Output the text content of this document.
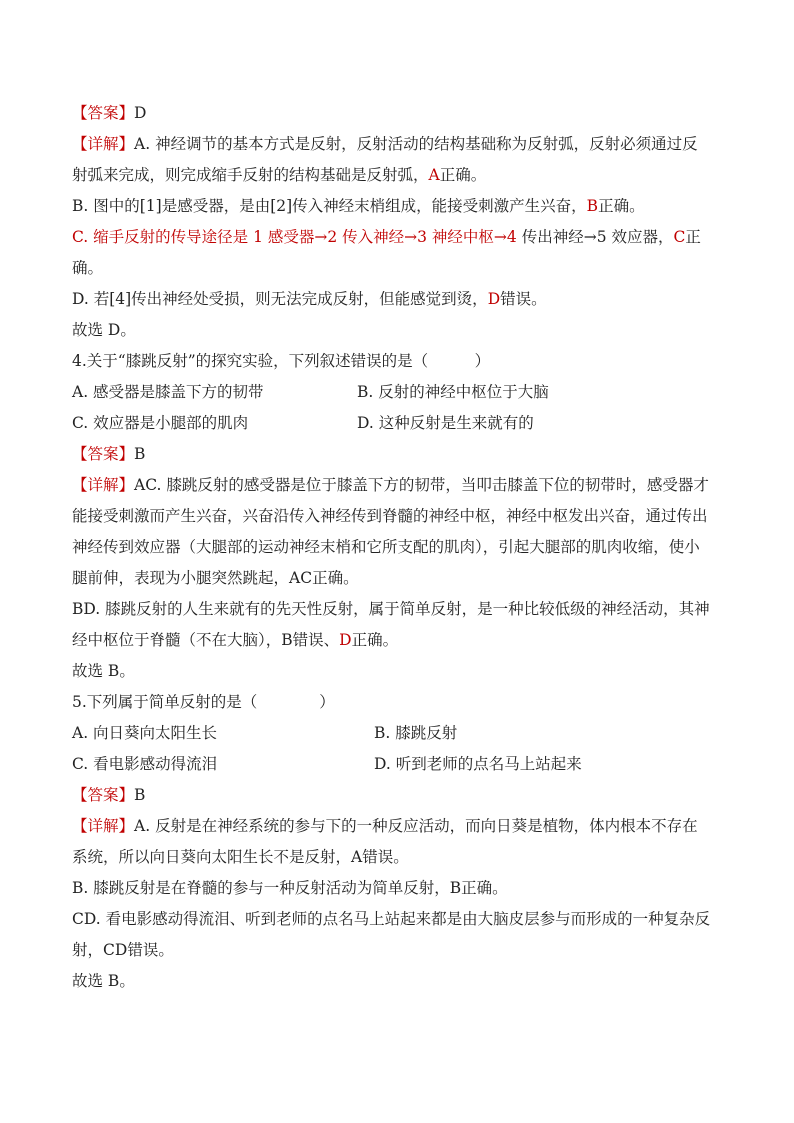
【答案】D
【详解】A. 神经调节的基本方式是反射，反射活动的结构基础称为反射弧，反射必须通过反
射弧来完成，则完成缩手反射的结构基础是反射弧，A正确。
B. 图中的[1]是感受器，是由[2]传入神经末梢组成，能接受刺激产生兴奋，B正确。
C. 缩手反射的传导途径是 1 感受器→2 传入神经→3 神经中枢→4 传出神经→5 效应器，C正
确。
D. 若[4]传出神经处受损，则无法完成反射，但能感觉到烫，D错误。
故选 D。
4.关于“膝跳反射”的探究实验，下列叙述错误的是（　　　）
A. 感受器是膝盖下方的韧带	B. 反射的神经中枢位于大脑
C. 效应器是小腿部的肌肉	D. 这种反射是生来就有的
【答案】B
【详解】AC. 膝跳反射的感受器是位于膝盖下方的韧带，当叩击膝盖下位的韧带时，感受器才
能接受刺激而产生兴奋，兴奋沿传入神经传到脊髓的神经中枢，神经中枢发出兴奋，通过传出
神经传到效应器（大腿部的运动神经末梢和它所支配的肌肉），引起大腿部的肌肉收缩，使小
腿前伸，表现为小腿突然跳起，AC正确。
BD. 膝跳反射的人生来就有的先天性反射，属于简单反射，是一种比较低级的神经活动，其神
经中枢位于脊髓（不在大脑），B错误、D正确。
故选 B。
5.下列属于简单反射的是（　　　　）
A. 向日葵向太阳生长	B. 膝跳反射
C. 看电影感动得流泪	D. 听到老师的点名马上站起来
【答案】B
【详解】A. 反射是在神经系统的参与下的一种反应活动，而向日葵是植物，体内根本不存在
系统，所以向日葵向太阳生长不是反射，A错误。
B. 膝跳反射是在脊髓的参与一种反射活动为简单反射，B正确。
CD. 看电影感动得流泪、听到老师的点名马上站起来都是由大脑皮层参与而形成的一种复杂反
射，CD错误。
故选 B。
